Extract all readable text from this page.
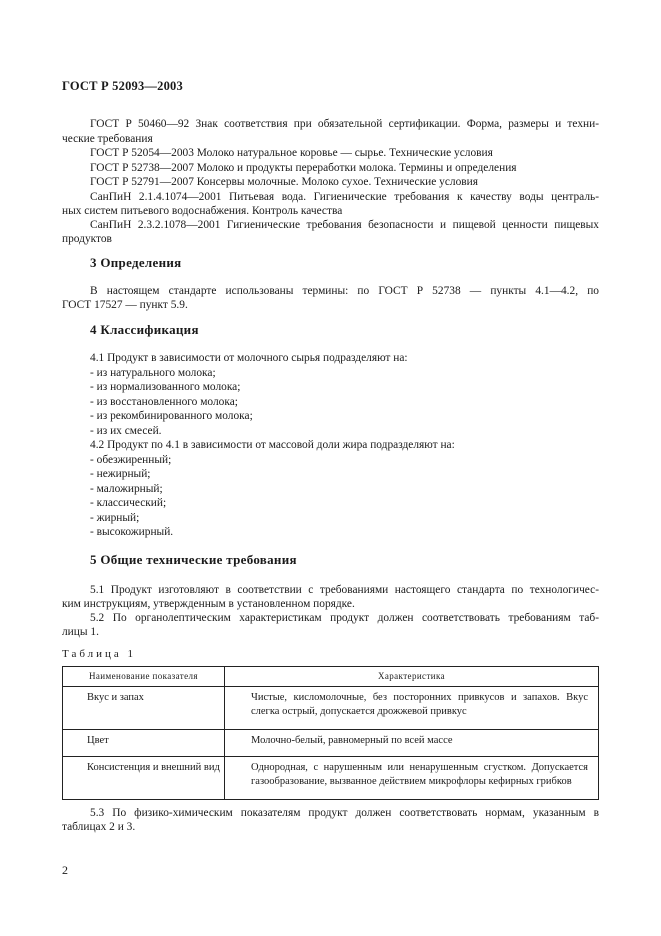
ГОСТ Р 52093—2003
ГОСТ Р 50460—92 Знак соответствия при обязательной сертификации. Форма, размеры и техни-
ческие требования
ГОСТ Р 52054—2003 Молоко натуральное коровье — сырье. Технические условия
ГОСТ Р 52738—2007 Молоко и продукты переработки молока. Термины и определения
ГОСТ Р 52791—2007 Консервы молочные. Молоко сухое. Технические условия
СанПиН 2.1.4.1074—2001 Питьевая вода. Гигиенические требования к качеству воды централь-
ных систем питьевого водоснабжения. Контроль качества
СанПиН 2.3.2.1078—2001 Гигиенические требования безопасности и пищевой ценности пищевых
продуктов
3 Определения
В настоящем стандарте использованы термины: по ГОСТ Р 52738 — пункты 4.1—4.2, по
ГОСТ 17527 — пункт 5.9.
4 Классификация
4.1 Продукт в зависимости от молочного сырья подразделяют на:
- из натурального молока;
- из нормализованного молока;
- из восстановленного молока;
- из рекомбинированного молока;
- из их смесей.
4.2 Продукт по 4.1 в зависимости от массовой доли жира подразделяют на:
- обезжиренный;
- нежирный;
- маложирный;
- классический;
- жирный;
- высокожирный.
5 Общие технические требования
5.1 Продукт изготовляют в соответствии с требованиями настоящего стандарта по технологичес-
ким инструкциям, утвержденным в установленном порядке.
5.2 По органолептическим характеристикам продукт должен соответствовать требованиям таб-
лицы 1.
Таблица 1
Наименование показателя	Характеристика
Вкус и запах	Чистые, кисломолочные, без посторонних привкусов и запахов. Вкус слегка острый, допускается дрожжевой привкус
Цвет	Молочно-белый, равномерный по всей массе
Консистенция и внешний вид	Однородная, с нарушенным или ненарушенным сгустком. Допускается газообразование, вызванное действием микрофлоры кефирных грибков
5.3 По физико-химическим показателям продукт должен соответствовать нормам, указанным в
таблицах 2 и 3.
2
